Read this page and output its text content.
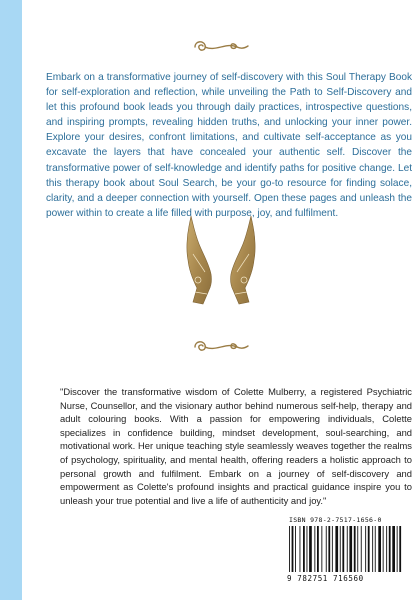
Embark on a transformative journey of self-discovery with this Soul Therapy Book for self-exploration and reflection, while unveiling the Path to Self-Discovery and let this profound book leads you through daily practices, introspective questions, and inspiring prompts, revealing hidden truths, and unlocking your inner power. Explore your desires, confront limitations, and cultivate self-acceptance as you excavate the layers that have concealed your authentic self. Discover the transformative power of self-knowledge and identify paths for positive change. Let this therapy book about Soul Search, be your go-to resource for finding solace, clarity, and a deeper connection with yourself. Open these pages and unleash the power within to create a life filled with purpose, joy, and fulfilment.

"Discover the transformative wisdom of Colette Mulberry, a registered Psychiatric Nurse, Counsellor, and the visionary author behind numerous self-help, therapy and adult colouring books. With a passion for empowering individuals, Colette specializes in confidence building, mindset development, soul-searching, and motivational work. Her unique teaching style seamlessly weaves together the realms of psychology, spirituality, and mental health, offering readers a holistic approach to personal growth and fulfilment. Embark on a journey of self-discovery and empowerment as Colette's profound insights and practical guidance inspire you to unleash your true potential and live a life of authenticity and joy."

ISBN 978-2-7517-1656-0
9 782751 716560
